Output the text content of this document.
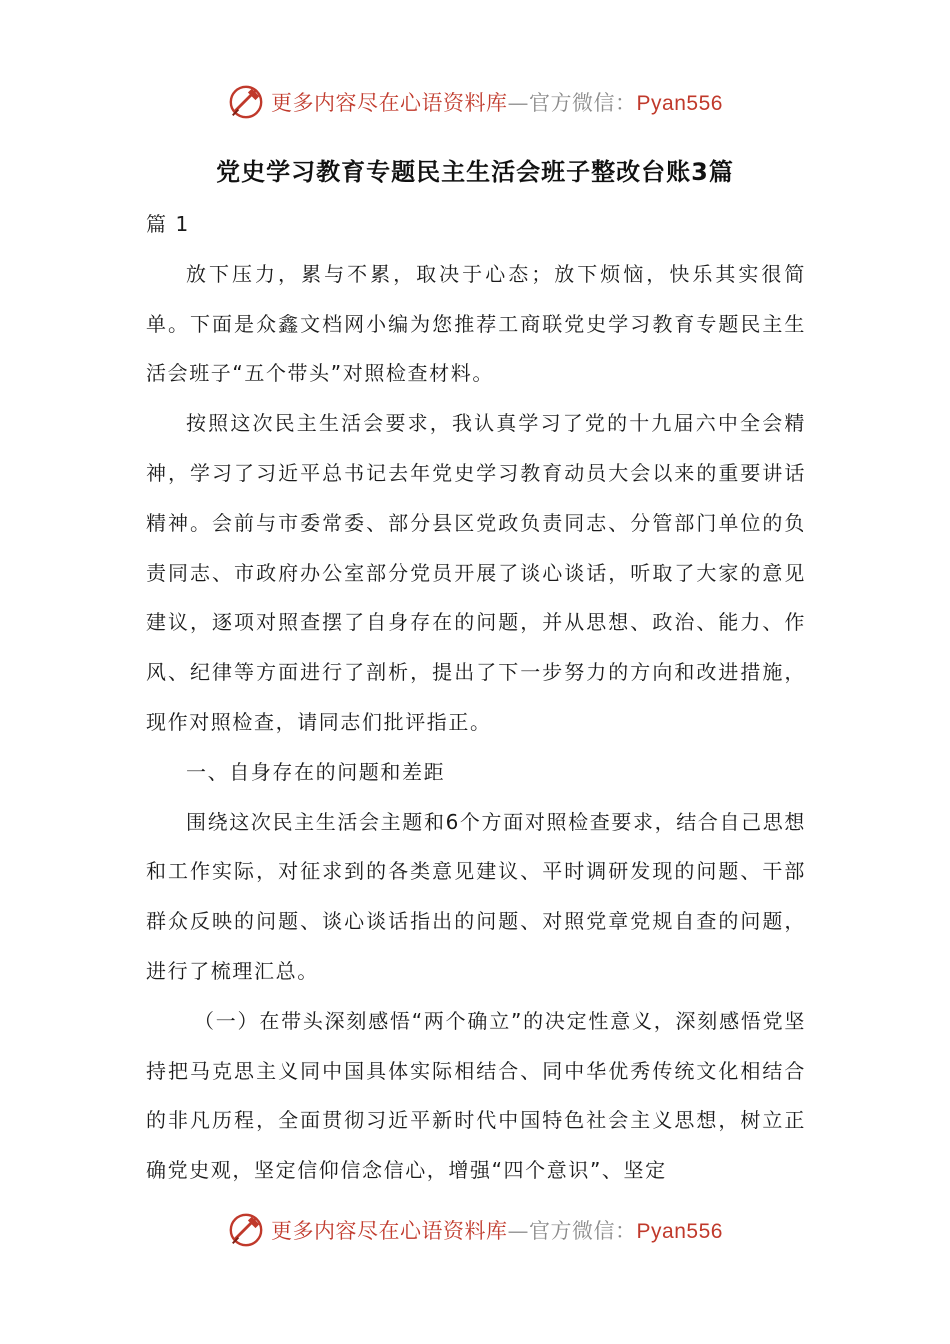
更多内容尽在心语资料库—官方微信：Pyan556
党史学习教育专题民主生活会班子整改台账3篇

篇 1

放下压力，累与不累，取决于心态；放下烦恼，快乐其实很简单。下面是众鑫文档网小编为您推荐工商联党史学习教育专题民主生活会班子“五个带头”对照检查材料。

按照这次民主生活会要求，我认真学习了党的十九届六中全会精神，学习了习近平总书记去年党史学习教育动员大会以来的重要讲话精神。会前与市委常委、部分县区党政负责同志、分管部门单位的负责同志、市政府办公室部分党员开展了谈心谈话，听取了大家的意见建议，逐项对照查摆了自身存在的问题，并从思想、政治、能力、作风、纪律等方面进行了剖析，提出了下一步努力的方向和改进措施，现作对照检查，请同志们批评指正。

一、自身存在的问题和差距

围绕这次民主生活会主题和6个方面对照检查要求，结合自己思想和工作实际，对征求到的各类意见建议、平时调研发现的问题、干部群众反映的问题、谈心谈话指出的问题、对照党章党规自查的问题，进行了梳理汇总。

（一）在带头深刻感悟“两个确立”的决定性意义，深刻感悟党坚持把马克思主义同中国具体实际相结合、同中华优秀传统文化相结合的非凡历程，全面贯彻习近平新时代中国特色社会主义思想，树立正确党史观，坚定信仰信念信心，增强“四个意识”、坚定

更多内容尽在心语资料库—官方微信：Pyan556
